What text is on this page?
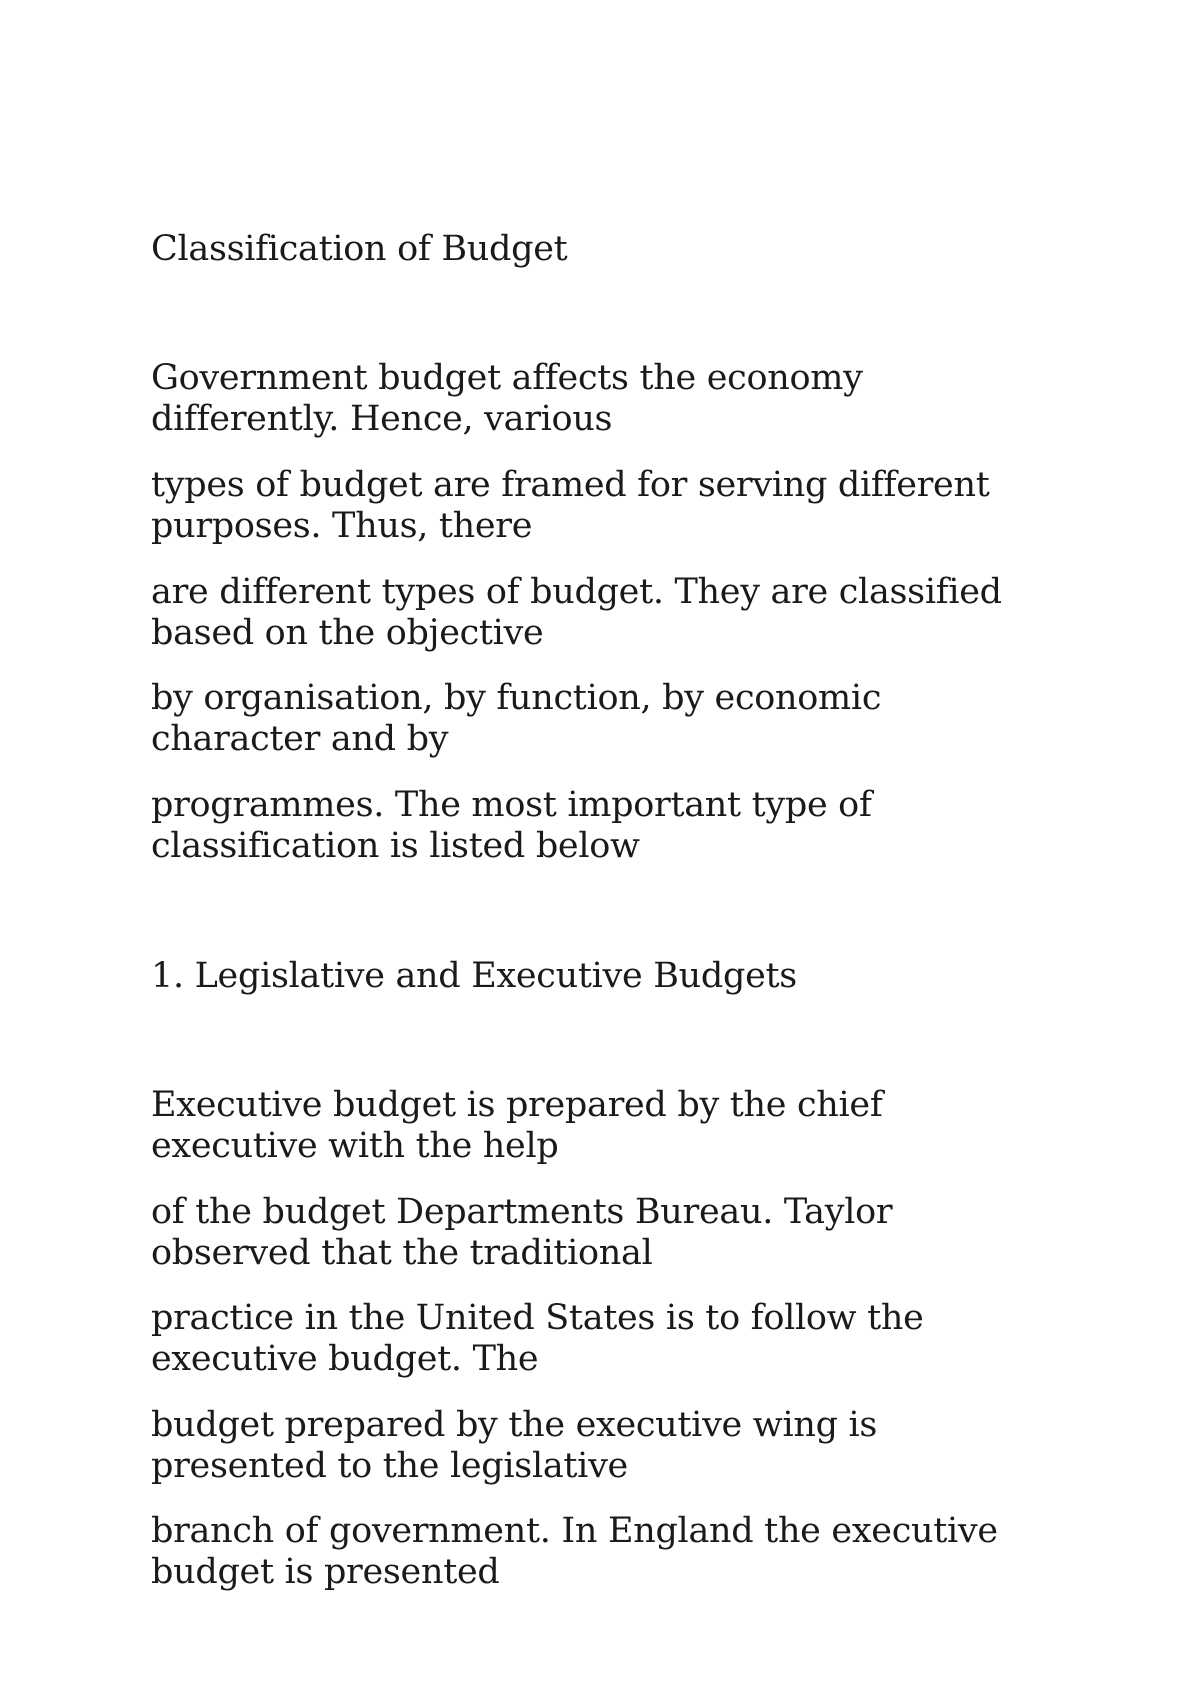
Classification of Budget
Government budget affects the economy
differently. Hence, various
types of budget are framed for serving different
purposes. Thus, there
are different types of budget. They are classified
based on the objective
by organisation, by function, by economic
character and by
programmes. The most important type of
classification is listed below
1. Legislative and Executive Budgets
Executive budget is prepared by the chief
executive with the help
of the budget Departments Bureau. Taylor
observed that the traditional
practice in the United States is to follow the
executive budget. The
budget prepared by the executive wing is
presented to the legislative
branch of government. In England the executive
budget is presented
